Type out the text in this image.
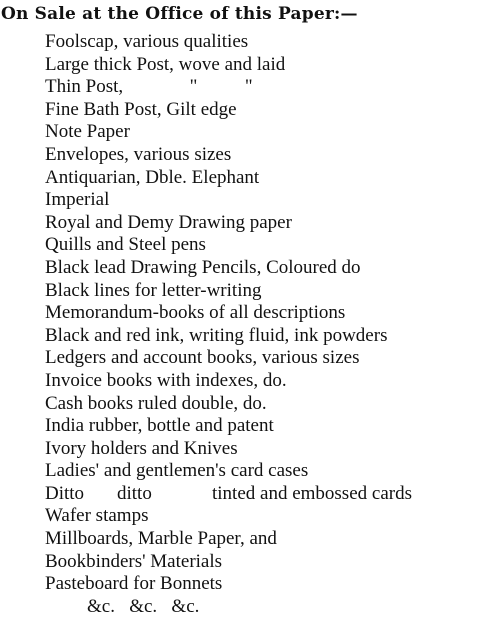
On Sale at the Office of this Paper:—
Foolscap, various qualities
Large thick Post, wove and laid
Thin Post,              "          "
Fine Bath Post, Gilt edge
Note Paper
Envelopes, various sizes
Antiquarian, Dble. Elephant
Imperial
Royal and Demy Drawing paper
Quills and Steel pens
Black lead Drawing Pencils, Coloured do
Black lines for letter-writing
Memorandum-books of all descriptions
Black and red ink, writing fluid, ink powders
Ledgers and account books, various sizes
Invoice books with indexes, do.
Cash books ruled double, do.
India rubber, bottle and patent
Ivory holders and Knives
Ladies' and gentlemen's card cases
Ditto ditto	tinted and embossed cards
Wafer stamps
Millboards, Marble Paper, and
Bookbinders' Materials
Pasteboard for Bonnets
&c.   &c.   &c.
